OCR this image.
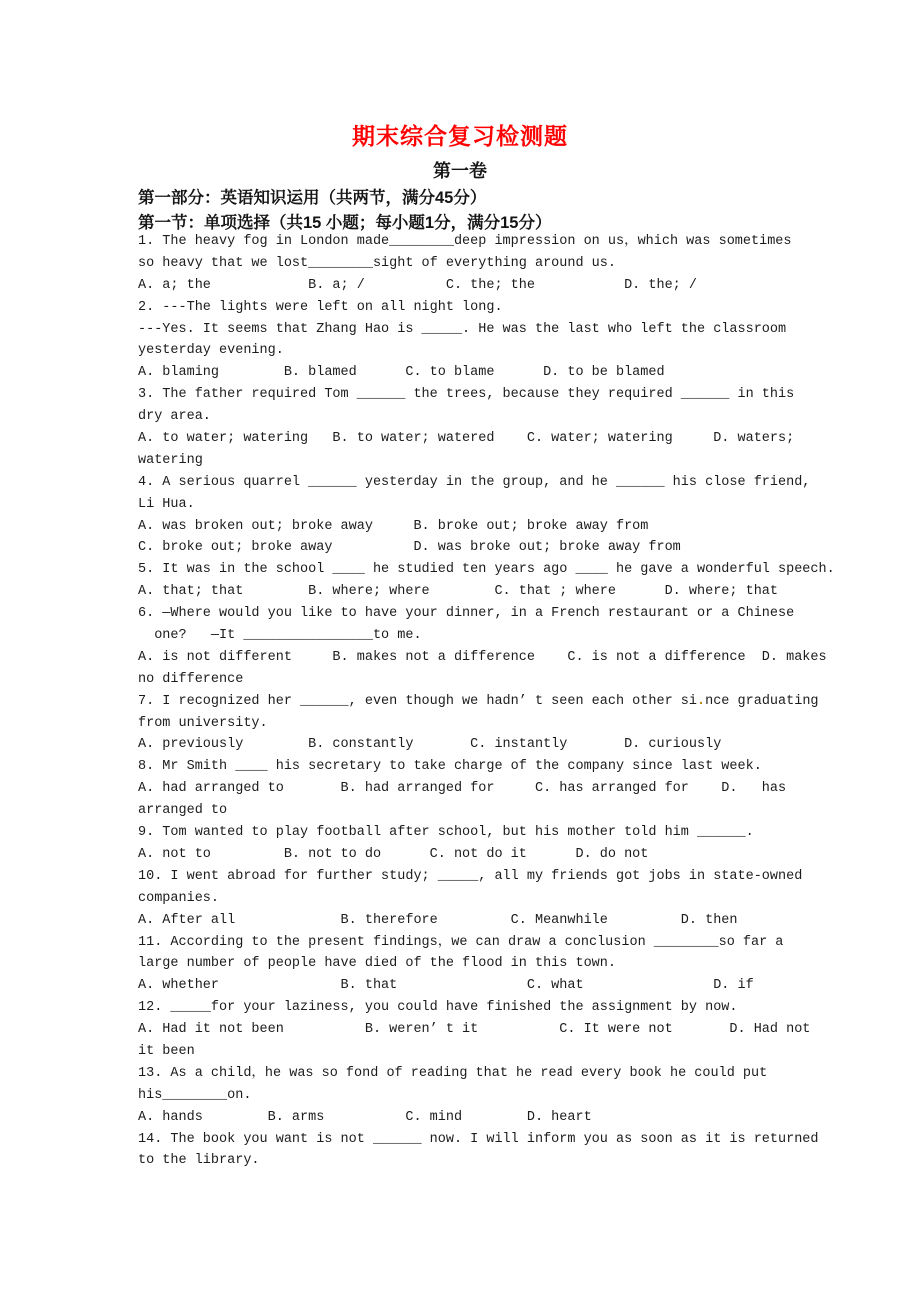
期末综合复习检测题
第一卷
第一部分：英语知识运用（共两节，满分45分）
第一节：单项选择（共15 小题；每小题1分，满分15分）
1. The heavy fog in London made________deep impression on us，which was sometimes
so heavy that we lost________sight of everything around us.
A. a; the            B. a; /          C. the; the           D. the; /
2. ---The lights were left on all night long.
---Yes. It seems that Zhang Hao is _____. He was the last who left the classroom
yesterday evening.
A. blaming        B. blamed      C. to blame      D. to be blamed
3. The father required Tom ______ the trees, because they required ______ in this
dry area.
A. to water; watering   B. to water; watered    C. water; watering     D. waters;
watering
4. A serious quarrel ______ yesterday in the group, and he ______ his close friend,
Li Hua.
A. was broken out; broke away     B. broke out; broke away from
C. broke out; broke away          D. was broke out; broke away from
5. It was in the school ____ he studied ten years ago ____ he gave a wonderful speech.
A. that; that        B. where; where        C. that ; where      D. where; that
6. —Where would you like to have your dinner, in a French restaurant or a Chinese
one?   —It ________________to me.
A. is not different     B. makes not a difference    C. is not a difference  D. makes
no difference
7. I recognized her ______, even though we hadn’ t seen each other si.nce graduating
from university.
A. previously        B. constantly       C. instantly       D. curiously
8. Mr Smith ____ his secretary to take charge of the company since last week.
A. had arranged to       B. had arranged for     C. has arranged for    D.   has
arranged to
9. Tom wanted to play football after school, but his mother told him ______.
A. not to         B. not to do      C. not do it      D. do not
10. I went abroad for further study; _____, all my friends got jobs in state-owned
companies.
A. After all             B. therefore         C. Meanwhile         D. then
11. According to the present findings，we can draw a conclusion ________so far a
large number of people have died of the flood in this town.
A. whether               B. that                C. what                D. if
12. _____for your laziness, you could have finished the assignment by now.
A. Had it not been          B. weren’ t it          C. It were not       D. Had not
it been
13. As a child，he was so fond of reading that he read every book he could put
his________on.
A. hands        B. arms          C. mind        D. heart
14. The book you want is not ______ now. I will inform you as soon as it is returned
to the library.
